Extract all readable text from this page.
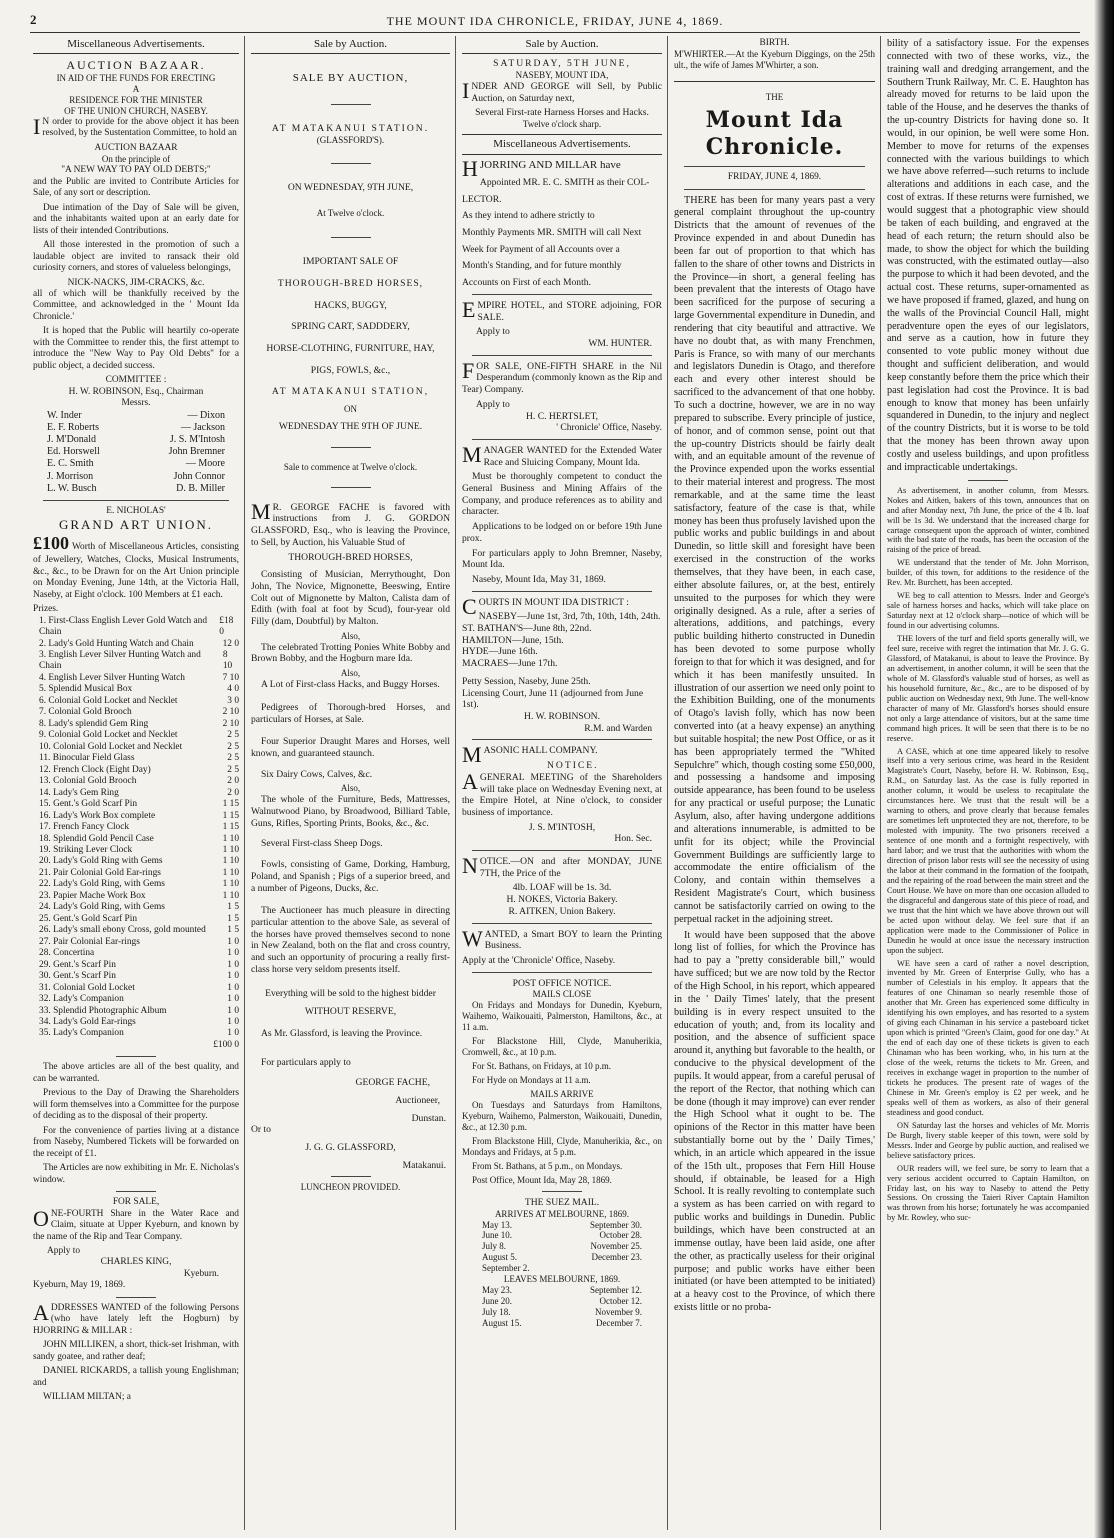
2	THE MOUNT IDA CHRONICLE, FRIDAY, JUNE 4, 1869.
Miscellaneous Advertisements.
AUCTION BAZAAR.
IN AID OF THE FUNDS FOR ERECTING
A
RESIDENCE FOR THE MINISTER
OF THE UNION CHURCH, NASEBY.

IN order to provide for the above object it has been resolved, by the Sustentation Committee, to hold an

AUCTION BAZAAR
On the principle of
"A NEW WAY TO PAY OLD DEBTS;"

and the Public are invited to Contribute Articles for Sale, of any sort or description.

Due intimation of the Day of Sale will be given, and the inhabitants waited upon at an early date for lists of their intended Contributions.

All those interested in the promotion of such a laudable object are invited to ransack their old curiosity corners, and stores of valueless belongings,

NICK-NACKS, JIM-CRACKS, &c.

all of which will be thankfully received by the Committee, and acknowledged in the ' Mount Ida Chronicle.'

It is hoped that the Public will heartily co-operate with the Committee to render this, the first attempt to introduce the "New Way to Pay Old Debts" for a public object, a decided success.

COMMITTEE :
H. W. ROBINSON, Esq., Chairman
Messrs.
W. Inder	— Dixon
E. F. Roberts	— Jackson
J. M'Donald	J. S. M'Intosh
Ed. Horswell	John Bremner
E. C. Smith	— Moore
J. Morrison	John Connor
L. W. Busch	D. B. Miller
E. NICHOLAS'
GRAND ART UNION.

£100 Worth of Miscellaneous Articles, consisting of Jewellery, Watches, Clocks, Musical Instruments, &c., &c., to be Drawn for on the Art Union principle on Monday Evening, June 14th, at the Victoria Hall, Naseby, at Eight o'clock. 100 Members at £1 each.

Prizes.
1. First-Class English Lever Gold Watch and Chain
£18 0
2. Lady's Gold Hunting Watch and Chain	12 0
3. English Lever Silver Hunting Watch and Chain
8 10
4. English Lever Silver Hunting Watch	7 10
5. Splendid Musical Box	4 0
6. Colonial Gold Locket and Necklet	3 0
7. Colonial Gold Brooch	2 10
8. Lady's splendid Gem Ring	2 10
9. Colonial Gold Locket and Necklet	2 5
10. Colonial Gold Locket and Necklet	2 5
11. Binocular Field Glass	2 5
12. French Clock (Eight Day)	2 5
13. Colonial Gold Brooch	2 0
14. Lady's Gem Ring	2 0
15. Gent.'s Gold Scarf Pin	1 15
16. Lady's Work Box complete	1 15
17. French Fancy Clock	1 15
18. Splendid Gold Pencil Case	1 10
19. Striking Lever Clock	1 10
20. Lady's Gold Ring with Gems	1 10
21. Pair Colonial Gold Ear-rings	1 10
22. Lady's Gold Ring, with Gems	1 10
23. Papier Mache Work Box	1 10
24. Lady's Gold Ring, with Gems	1 5
25. Gent.'s Gold Scarf Pin	1 5
26. Lady's small ebony Cross, gold mounted 1 5
27. Pair Colonial Ear-rings	1 0
28. Concertina	1 0
29. Gent.'s Scarf Pin	1 0
30. Gent.'s Scarf Pin	1 0
31. Colonial Gold Locket	1 0
32. Lady's Companion	1 0
33. Splendid Photographic Album	1 0
34. Lady's Gold Ear-rings	1 0
35. Lady's Companion	1 0
£100 0

The above articles are all of the best quality, and can be warranted.

Previous to the Day of Drawing the Shareholders will form themselves into a Committee for the purpose of deciding as to the disposal of their property.

For the convenience of parties living at a distance from Naseby, Numbered Tickets will be forwarded on the receipt of £1.

The Articles are now exhibiting in Mr. E. Nicholas's window.

FOR SALE,

ONE-FOURTH Share in the Water Race and Claim, situate at Upper Kyeburn, and known by the name of the Rip and Tear Company.

Apply to
CHARLES KING,
Kyeburn.
Kyeburn, May 19, 1869.

ADDRESSES WANTED of the following Persons (who have lately left the Hogburn) by HJORRING & MILLAR :

JOHN MILLIKEN, a short, thick-set Irishman, with sandy goatee, and rather deaf;

DANIEL RICKARDS, a tallish young Englishman; and

WILLIAM MILTAN; a

Sale by Auction.
SALE BY AUCTION,
AT MATAKANUI STATION.
(GLASSFORD'S).
ON WEDNESDAY, 9TH JUNE,
At Twelve o'clock.
IMPORTANT SALE OF
THOROUGH-BRED HORSES,
HACKS, BUGGY,
SPRING CART, SADDDERY,
HORSE-CLOTHING, FURNITURE, HAY,
PIGS, FOWLS, &c.,
AT MATAKANUI STATION,
ON
WEDNESDAY THE 9TH OF JUNE.
Sale to commence at Twelve o'clock.

MR. GEORGE FACHE is favored with instructions from J. G. GORDON GLASSFORD, Esq., who is leaving the Province, to Sell, by Auction, his Valuable Stud of

THOROUGH-BRED HORSES,

Consisting of Musician, Merrythought, Don John, The Novice, Mignonette, Beeswing, Entire Colt out of Mignonette by Malton, Calista dam of Edith (with foal at foot by Scud), four-year old Filly (dam, Doubtful) by Malton.

Also,

The celebrated Trotting Ponies White Bobby and Brown Bobby, and the Hogburn mare Ida.

Also,

A Lot of First-class Hacks, and Buggy Horses.

Pedigrees of Thorough-bred Horses, and particulars of Horses, at Sale.

Four Superior Draught Mares and Horses, well known, and guaranteed staunch.

Six Dairy Cows, Calves, &c.

Also,

The whole of the Furniture, Beds, Mattresses, Walnutwood Piano, by Broadwood, Billiard Table, Guns, Rifles, Sporting Prints, Books, &c., &c.

Several First-class Sheep Dogs.

Fowls, consisting of Game, Dorking, Hamburg, Poland, and Spanish ; Pigs of a superior breed, and a number of Pigeons, Ducks, &c.

The Auctioneer has much pleasure in directing particular attention to the above Sale, as several of the horses have proved themselves second to none in New Zealand, both on the flat and cross country, and such an opportunity of procuring a really first-class horse very seldom presents itself.

Everything will be sold to the highest bidder
WITHOUT RESERVE,

As Mr. Glassford, is leaving the Province.

For particulars apply to

GEORGE FACHE,
Auctioneer,
Dunstan.
Or to
J. G. G. GLASSFORD,
Matakanui.
LUNCHEON PROVIDED.
Sale by Auction.
SATURDAY, 5TH JUNE,
NASEBY, MOUNT IDA,

INDER AND GEORGE will Sell, by Public Auction, on Saturday next,

Several First-rate Harness Horses and Hacks.
Twelve o'clock sharp.
Miscellaneous Advertisements.
HJORRING AND MILLAR have
Appointed MR. E. C. SMITH as their COL-
LECTOR.
As they intend to adhere strictly to
Monthly Payments MR. SMITH will call Next
Week for Payment of all Accounts over a
Month's Standing, and for future monthly
Accounts on First of each Month.

EMPIRE HOTEL, and STORE adjoining, FOR SALE.

Apply to
WM. HUNTER.

FOR SALE, ONE-FIFTH SHARE in the Nil Desperandum (commonly known as the Rip and Tear) Company.

Apply to
H. C. HERTSLET,
' Chronicle' Office, Naseby.

MANAGER WANTED for the Extended Water Race and Sluicing Company, Mount Ida.

Must be thoroughly competent to conduct the General Business and Mining Affairs of the Company, and produce references as to ability and character.

Applications to be lodged on or before 19th June prox.

For particulars apply to John Bremner, Naseby, Mount Ida.

Naseby, Mount Ida, May 31, 1869.

COURTS IN MOUNT IDA DISTRICT :

NASEBY—June 1st, 3rd, 7th, 10th, 14th, 24th.
ST. BATHAN'S—June 8th, 22nd.
HAMILTON—June, 15th.
HYDE—June 16th.
MACRAES—June 17th.
Petty Session, Naseby, June 25th.
Licensing Court, June 11 (adjourned from June 1st).
H. W. ROBINSON.
R.M. and Warden

MASONIC HALL COMPANY.

NOTICE.

AGENERAL MEETING of the Shareholders will take place on Wednesday Evening next, at the Empire Hotel, at Nine o'clock, to consider business of importance.

J. S. M'INTOSH,
Hon. Sec.

NOTICE.—ON and after MONDAY, JUNE 7TH, the Price of the

4lb. LOAF will be 1s. 3d.
H. NOKES, Victoria Bakery.
R. AITKEN, Union Bakery.

WANTED, a Smart BOY to learn the Printing Business.

Apply at the 'Chronicle' Office, Naseby.
POST OFFICE NOTICE.
MAILS CLOSE

On Fridays and Mondays for Dunedin, Kyeburn, Waihemo, Waikouaiti, Palmerston, Hamiltons, &c., at 11 a.m.

For Blackstone Hill, Clyde, Manuherikia, Cromwell, &c., at 10 p.m.

For St. Bathans, on Fridays, at 10 p.m.

For Hyde on Mondays at 11 a.m.

MAILS ARRIVE

On Tuesdays and Saturdays from Hamiltons, Kyeburn, Waihemo, Palmerston, Waikouaiti, Dunedin, &c., at 12.30 p.m.

From Blackstone Hill, Clyde, Manuherikia, &c., on Mondays and Fridays, at 5 p.m.

From St. Bathans, at 5 p.m., on Mondays.

Post Office, Mount Ida, May 28, 1869.

THE SUEZ MAIL.
ARRIVES AT MELBOURNE, 1869.
May 13.	September 30.
June 10.	October 28.
July 8.	November 25.
August 5.	December 23.
September 2.
LEAVES MELBOURNE, 1869.
May 23.	September 12.
June 20.	October 12.
July 18.	November 9.
August 15.	December 7.
BIRTH.

M'WHIRTER.—At the Kyeburn Diggings, on the 25th ult., the wife of James M'Whirter, a son.

THE
Mount Ida Chronicle.
FRIDAY, JUNE 4, 1869.

THERE has been for many years past a very general complaint throughout the up-country Districts that the amount of revenues of the Province expended in and about Dunedin has been far out of proportion to that which has fallen to the share of other towns and Districts in the Province—in short, a general feeling has been prevalent that the interests of Otago have been sacrificed for the purpose of securing a large Governmental expenditure in Dunedin, and rendering that city beautiful and attractive. We have no doubt that, as with many Frenchmen, Paris is France, so with many of our merchants and legislators Dunedin is Otago, and therefore each and every other interest should be sacrificed to the advancement of that one hobby. To such a doctrine, however, we are in no way prepared to subscribe. Every principle of justice, of honor, and of common sense, point out that the up-country Districts should be fairly dealt with, and an equitable amount of the revenue of the Province expended upon the works essential to their material interest and progress. The most remarkable, and at the same time the least satisfactory, feature of the case is that, while money has been thus profusely lavished upon the public works and public buildings in and about Dunedin, so little skill and foresight have been exercised in the construction of the works themselves, that they have been, in each case, either absolute failures, or, at the best, entirely unsuited to the purposes for which they were originally designed. As a rule, after a series of alterations, additions, and patchings, every public building hitherto constructed in Dunedin has been devoted to some purpose wholly foreign to that for which it was designed, and for which it has been manifestly unsuited. In illustration of our assertion we need only point to the Exhibition Building, one of the monuments of Otago's lavish folly, which has now been converted into (at a heavy expense) an anything but suitable hospital; the new Post Office, or as it has been appropriately termed the "Whited Sepulchre" which, though costing some £50,000, and possessing a handsome and imposing outside appearance, has been found to be useless for any practical or useful purpose; the Lunatic Asylum, also, after having undergone additions and alterations innumerable, is admitted to be unfit for its object; while the Provincial Government Buildings are sufficiently large to accommodate the entire officialism of the Colony, and contain within themselves a Resident Magistrate's Court, which business cannot be satisfactorily carried on owing to the perpetual racket in the adjoining street.

It would have been supposed that the above long list of follies, for which the Province has had to pay a "pretty considerable bill," would have sufficed; but we are now told by the Rector of the High School, in his report, which appeared in the ' Daily Times' lately, that the present building is in every respect unsuited to the education of youth; and, from its locality and position, and the absence of sufficient space around it, anything but favorable to the health, or conducive to the physical development of the pupils. It would appear, from a careful perusal of the report of the Rector, that nothing which can be done (though it may improve) can ever render the High School what it ought to be. The opinions of the Rector in this matter have been substantially borne out by the ' Daily Times,' which, in an article which appeared in the issue of the 15th ult., proposes that Fern Hill House should, if obtainable, be leased for a High School. It is really revolting to contemplate such a system as has been carried on with regard to public works and buildings in Dunedin. Public buildings, which have been constructed at an immense outlay, have been laid aside, one after the other, as practically useless for their original purpose; and public works have either been initiated (or have been attempted to be initiated) at a heavy cost to the Province, of which there exists little or no proba-

bility of a satisfactory issue. For the expenses connected with two of these works, viz., the training wall and dredging arrangement, and the Southern Trunk Railway, Mr. C. E. Haughton has already moved for returns to be laid upon the table of the House, and he deserves the thanks of the up-country Districts for having done so. It would, in our opinion, be well were some Hon. Member to move for returns of the expenses connected with the various buildings to which we have above referred—such returns to include alterations and additions in each case, and the cost of extras. If these returns were furnished, we would suggest that a photographic view should be taken of each building, and engraved at the head of each return; the return should also be made, to show the object for which the building was constructed, with the estimated outlay—also the purpose to which it had been devoted, and the actual cost. These returns, super-ornamented as we have proposed if framed, glazed, and hung on the walls of the Provincial Council Hall, might peradventure open the eyes of our legislators, and serve as a caution, how in future they consented to vote public money without due thought and sufficient deliberation, and would keep constantly before them the price which their past legislation had cost the Province. It is bad enough to know that money has been unfairly squandered in Dunedin, to the injury and neglect of the country Districts, but it is worse to be told that the money has been thrown away upon costly and useless buildings, and upon profitless and impracticable undertakings.

As advertisement, in another column, from Messrs. Nokes and Aitken, bakers of this town, announces that on and after Monday next, 7th June, the price of the 4 lb. loaf will be 1s 3d. We understand that the increased charge for cartage consequent upon the approach of winter, combined with the bad state of the roads, has been the occasion of the raising of the price of bread.

WE understand that the tender of Mr. John Morrison, builder, of this town, for additions to the residence of the Rev. Mr. Burchett, has been accepted.

WE beg to call attention to Messrs. Inder and George's sale of harness horses and hacks, which will take place on Saturday next at 12 o'clock sharp—notice of which will be found in our advertising columns.

THE lovers of the turf and field sports generally will, we feel sure, receive with regret the intimation that Mr. J. G. G. Glassford, of Matakanui, is about to leave the Province. By an advertisement, in another column, it will be seen that the whole of M. Glassford's valuable stud of horses, as well as his household furniture, &c., &c., are to be disposed of by public auction on Wednesday next, 9th June. The well-know character of many of Mr. Glassford's horses should ensure not only a large attendance of visitors, but at the same time command high prices. It will be seen that there is to be no reserve.

A CASE, which at one time appeared likely to resolve itself into a very serious crime, was heard in the Resident Magistrate's Court, Naseby, before H. W. Robinson, Esq., R.M., on Saturday last. As the case is fully reported in another column, it would be useless to recapitulate the circumstances here. We trust that the result will be a warning to others, and prove clearly that because females are sometimes left unprotected they are not, therefore, to be molested with impunity. The two prisoners received a sentence of one month and a fortnight respectively, with hard labor; and we trust that the authorities with whom the direction of prison labor rests will see the necessity of using the labor at their command in the formation of the footpath, and the repairing of the road between the main street and the Court House. We have on more than one occasion alluded to the disgraceful and dangerous state of this piece of road, and we trust that the hint which we have above thrown out will be acted upon without delay. We feel sure that if an application were made to the Commissioner of Police in Dunedin he would at once issue the necessary instruction upon the subject.

WE have seen a card of rather a novel description, invented by Mr. Green of Enterprise Gully, who has a number of Celestials in his employ. It appears that the features of one Chinaman so nearly resemble those of another that Mr. Green has experienced some difficulty in identifying his own employes, and has resorted to a system of giving each Chinaman in his service a pasteboard ticket upon which is printed "Green's Claim, good for one day." At the end of each day one of these tickets is given to each Chinaman who has been working, who, in his turn at the close of the week, returns the tickets to Mr. Green, and receives in exchange waget in proportion to the number of tickets he produces. The present rate of wages of the Chinese in Mr. Green's employ is £2 per week, and he speaks well of them as workers, as also of their general steadiness and good conduct.

ON Saturday last the horses and vehicles of Mr. Morris De Burgh, livery stable keeper of this town, were sold by Messrs. Inder and George by public auction, and realised we believe satisfactory prices.

OUR readers will, we feel sure, be sorry to learn that a very serious accident occurred to Captain Hamilton, on Friday last, on his way to Naseby to attend the Petty Sessions. On crossing the Taieri River Captain Hamilton was thrown from his horse; fortunately he was accompanied by Mr. Rowley, who suc-
